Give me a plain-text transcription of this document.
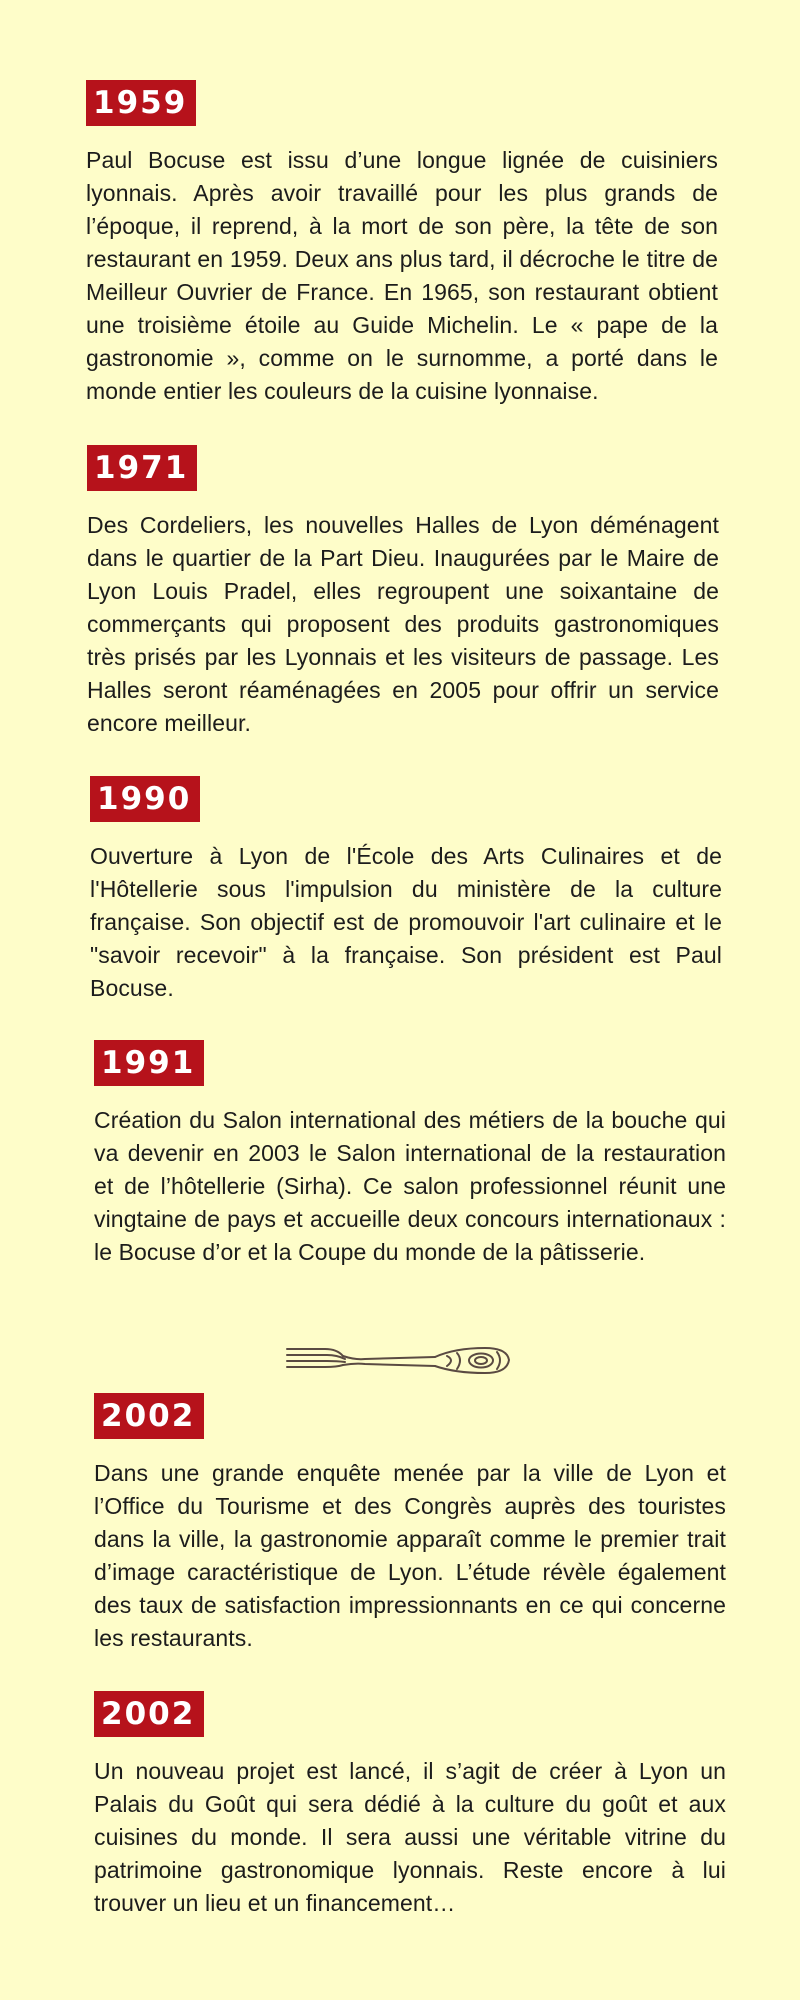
1959

Paul Bocuse est issu d’une longue lignée de cuisiniers lyonnais. Après avoir travaillé pour les plus grands de l’époque, il reprend, à la mort de son père, la tête de son restaurant en 1959. Deux ans plus tard, il décroche le titre de Meilleur Ouvrier de France. En 1965, son restaurant obtient une troisième étoile au Guide Michelin. Le « pape de la gastronomie », comme on le surnomme, a porté dans le monde entier les couleurs de la cuisine lyonnaise.

1971

Des Cordeliers, les nouvelles Halles de Lyon déménagent dans le quartier de la Part Dieu. Inaugurées par le Maire de Lyon Louis Pradel, elles regroupent une soixantaine de commerçants qui proposent des produits gastronomiques très prisés par les Lyonnais et les visiteurs de passage. Les Halles seront réaménagées en 2005 pour offrir un service encore meilleur.

1990

Ouverture à Lyon de l'École des Arts Culinaires et de l'Hôtellerie sous l'impulsion du ministère de la culture française. Son objectif est de promouvoir l'art culinaire et le "savoir recevoir" à la française. Son président est Paul Bocuse.

1991

Création du Salon international des métiers de la bouche qui va devenir en 2003 le Salon international de la restauration et de l’hôtellerie (Sirha). Ce salon professionnel réunit une vingtaine de pays et accueille deux concours internationaux : le Bocuse d’or et la Coupe du monde de la pâtisserie.

2002

Dans une grande enquête menée par la ville de Lyon et l’Office du Tourisme et des Congrès auprès des touristes dans la ville, la gastronomie apparaît comme le premier trait d’image caractéristique de Lyon. L’étude révèle également des taux de satisfaction impressionnants en ce qui concerne les restaurants.

2002

Un nouveau projet est lancé, il s’agit de créer à Lyon un Palais du Goût qui sera dédié à la culture du goût et aux cuisines du monde. Il sera aussi une véritable vitrine du patrimoine gastronomique lyonnais. Reste encore à lui trouver un lieu et un financement…
